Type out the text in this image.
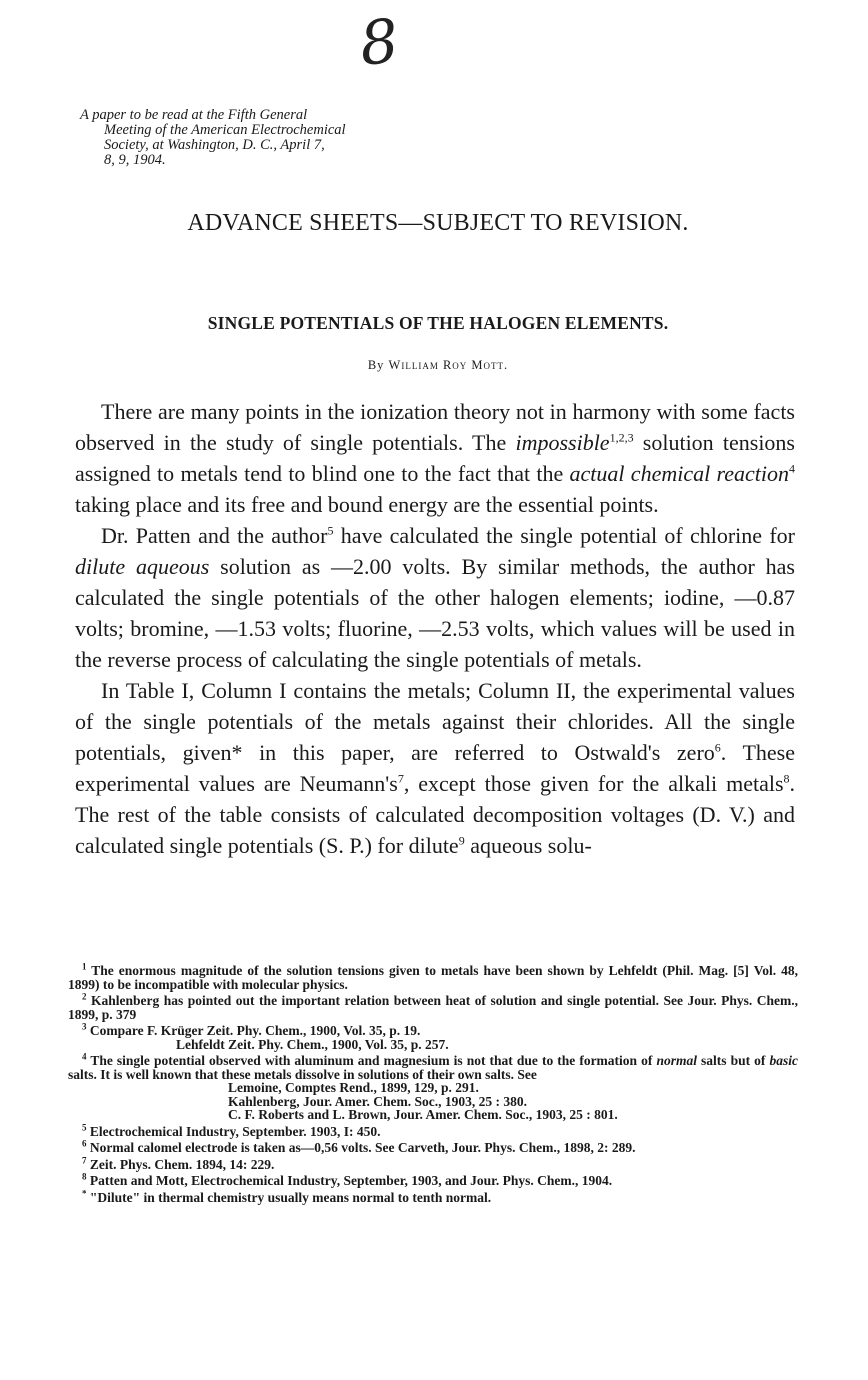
8
A paper to be read at the Fifth General
Meeting of the American Electrochemical
Society, at Washington, D. C., April 7,
8, 9, 1904.
ADVANCE SHEETS—SUBJECT TO REVISION.
SINGLE POTENTIALS OF THE HALOGEN ELEMENTS.
By William Roy Mott.

There are many points in the ionization theory not in harmony with some facts observed in the study of single potentials. The impossible$^{1,2,3}$ solution tensions assigned to metals tend to blind one to the fact that the actual chemical reaction$^4$ taking place and its free and bound energy are the essential points.

Dr. Patten and the author$^5$ have calculated the single potential of chlorine for dilute aqueous solution as —2.00 volts. By similar methods, the author has calculated the single potentials of the other halogen elements; iodine, —0.87 volts; bromine, —1.53 volts; fluorine, —2.53 volts, which values will be used in the reverse process of calculating the single potentials of metals.

In Table I, Column I contains the metals; Column II, the experimental values of the single potentials of the metals against their chlorides. All the single potentials, given* in this paper, are referred to Ostwald's zero$^6$. These experimental values are $Neumann's^7$, except those given for the alkali metals$^8$. The rest of the table consists of calculated decomposition voltages (D. V.) and calculated single potentials (S. P.) for dilute$^9$ aqueous solu-

$^1$ The enormous magnitude of the solution tensions given to metals have been shown by Lehfeldt (Phil. Mag. [5] Vol. 48, 1899) to be incompatible with molecular physics.

$^2$ Kahlenberg has pointed out the important relation between heat of solution and single potential. See Jour. Phys. Chem., 1899, p. 379

$^3$ Compare F. Krüger Zeit. Phy. Chem., 1900, Vol. 35, p. 19.
Lehfeldt Zeit. Phy. Chem., 1900, Vol. 35, p. 257.

$^4$ The single potential observed with aluminum and magnesium is not that due to the formation of normal salts but of basic salts. It is well known that these metals dissolve in solutions of their own salts. See
Lemoine, Comptes Rend., 1899, 129, p. 291.
Kahlenberg, Jour. Amer. Chem. Soc., 1903, 25 : 380.
C. F. Roberts and L. Brown, Jour. Amer. Chem. Soc., 1903, 25 : 801.

$^5$ Electrochemical Industry, September. 1903, I: 450.

$^6$ Normal calomel electrode is taken as—0,56 volts. See Carveth, Jour. Phys. Chem., 1898, 2: 289.

$^7$ Zeit. Phys. Chem. 1894, 14: 229.

$^8$ Patten and Mott, Electrochemical Industry, September, 1903, and Jour. Phys. Chem., 1904.

* "Dilute" in thermal chemistry usually means normal to tenth normal.
